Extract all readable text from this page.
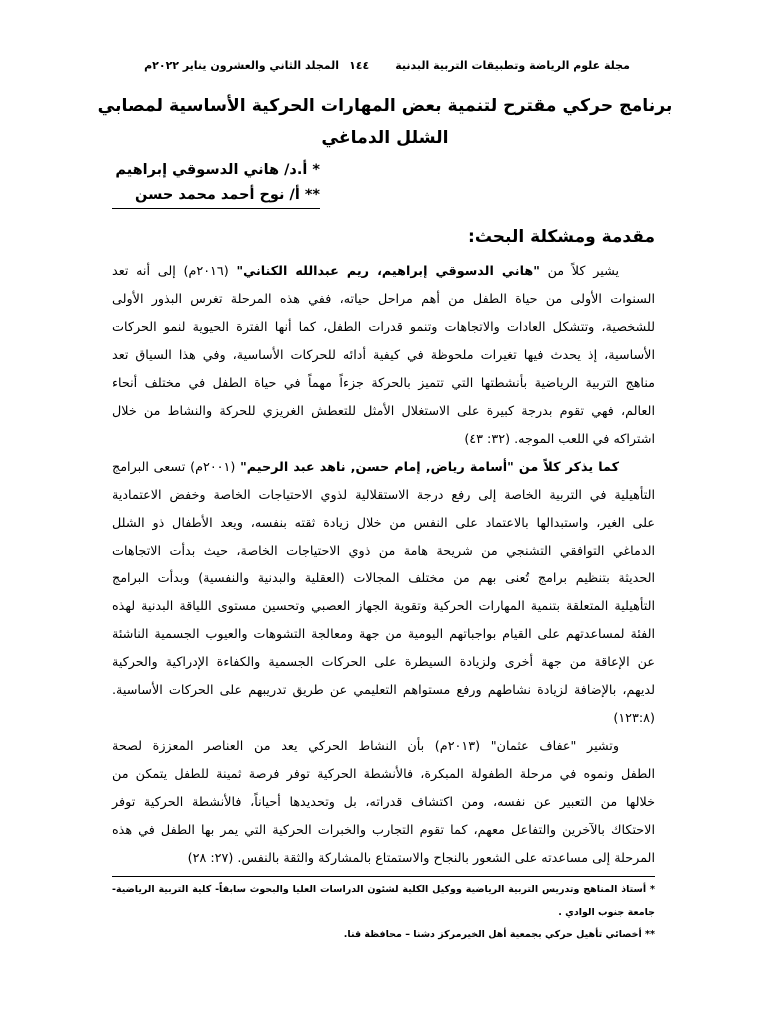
مجلة علوم الرياضة وتطبيقات التربية البدنية١٤٤المجلد الثاني والعشرون يناير ٢٠٢٢م
برنامج حركي مقترح لتنمية بعض المهارات الحركية الأساسية لمصابي
الشلل الدماغي
* أ.د/ هاني الدسوقي إبراهيم
** أ/ نوح أحمد محمد حسن
مقدمة ومشكلة البحث:
يشير كلاً من "هاني الدسوقي إبراهيم، ريم عبدالله الكناني" (٢٠١٦م) إلى أنه تعد
السنوات الأولى من حياة الطفل من أهم مراحل حياته، ففي هذه المرحلة تغرس البذور الأولى
للشخصية، وتتشكل العادات والاتجاهات وتنمو قدرات الطفل، كما أنها الفترة الحيوية لنمو الحركات
الأساسية، إذ يحدث فيها تغيرات ملحوظة في كيفية أدائه للحركات الأساسية، وفي هذا السياق تعد
مناهج التربية الرياضية بأنشطتها التي تتميز بالحركة جزءاً مهماً في حياة الطفل في مختلف أنحاء
العالم، فهي تقوم بدرجة كبيرة على الاستغلال الأمثل للتعطش الغريزي للحركة والنشاط من خلال
اشتراكه في اللعب الموجه. (٣٢: ٤٣)
كما يذكر كلاً من "أسامة رياض, إمام حسن, ناهد عبد الرحيم" (٢٠٠١م) تسعى البرامج
التأهيلية في التربية الخاصة إلى رفع درجة الاستقلالية لذوي الاحتياجات الخاصة وخفض الاعتمادية
على الغير، واستبدالها بالاعتماد على النفس من خلال زيادة ثقته بنفسه، ويعد الأطفال ذو الشلل
الدماغي التوافقي التشنجي من شريحة هامة من ذوي الاحتياجات الخاصة، حيث بدأت الاتجاهات
الحديثة بتنظيم برامج تُعنى بهم من مختلف المجالات (العقلية والبدنية والنفسية) وبدأت البرامج
التأهيلية المتعلقة بتنمية المهارات الحركية وتقوية الجهاز العصبي وتحسين مستوى اللياقة البدنية لهذه
الفئة لمساعدتهم على القيام بواجباتهم اليومية من جهة ومعالجة التشوهات والعيوب الجسمية الناشئة
عن الإعاقة من جهة أخرى ولزيادة السيطرة على الحركات الجسمية والكفاءة الإدراكية والحركية
لديهم، بالإضافة لزيادة نشاطهم ورفع مستواهم التعليمي عن طريق تدريبهم على الحركات الأساسية.
(١٢٣:٨)
وتشير "عفاف عثمان" (٢٠١٣م) بأن النشاط الحركي يعد من العناصر المعززة لصحة
الطفل ونموه في مرحلة الطفولة المبكرة، فالأنشطة الحركية توفر فرصة ثمينة للطفل يتمكن من
خلالها من التعبير عن نفسه، ومن اكتشاف قدراته، بل وتحديدها أحياناً، فالأنشطة الحركية توفر
الاحتكاك بالآخرين والتفاعل معهم، كما تقوم التجارب والخبرات الحركية التي يمر بها الطفل في هذه
المرحلة إلى مساعدته على الشعور بالنجاح والاستمتاع بالمشاركة والثقة بالنفس. (٢٧: ٢٨)
* أستاذ المناهج وتدريس التربية الرياضية ووكيل الكلية لشئون الدراسات العليا والبحوث سابقاً- كلية التربية الرياضية-
جامعة جنوب الوادي .
** أخصائي تأهيل حركي بجمعية أهل الخيرمركز دشنا – محافظة قنا.
